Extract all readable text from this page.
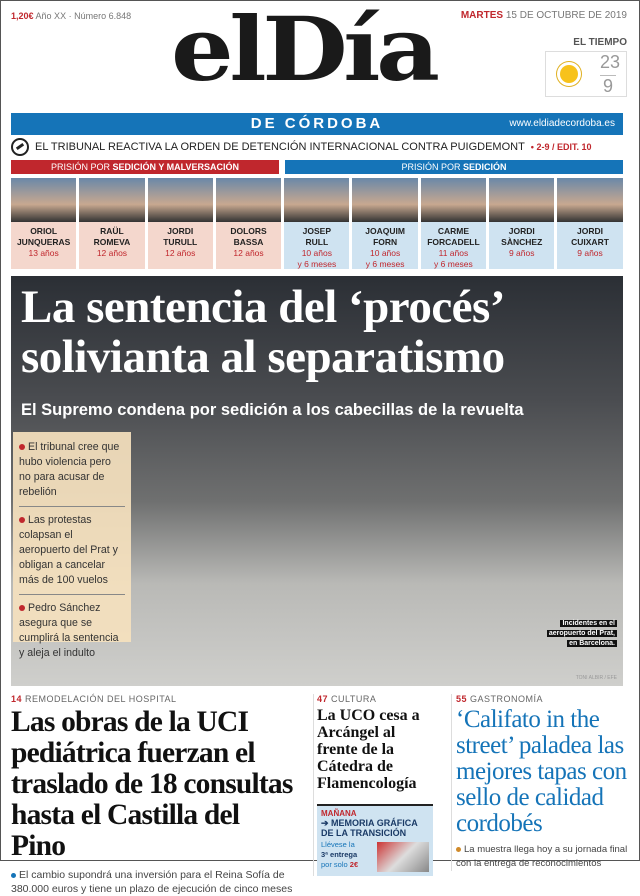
1,20€ Año XX · Número 6.848	MARTES 15 DE OCTUBRE DE 2019
elDía	EL TIEMPO
23
9
DE CÓRDOBA	www.eldiadecordoba.es
EL TRIBUNAL REACTIVA LA ORDEN DE DETENCIÓN INTERNACIONAL CONTRA PUIGDEMONT • 2-9 / EDIT. 10
PRISIÓN POR SEDICIÓN Y MALVERSACIÓN	PRISIÓN POR SEDICIÓN
ORIOL
JUNQUERAS
13 años
RAÜL
ROMEVA
12 años
JORDI
TURULL
12 años
DOLORS
BASSA
12 años
JOSEP
RULL
10 años
y 6 meses
JOAQUIM
FORN
10 años
y 6 meses
CARME
FORCADELL
11 años
y 6 meses
JORDI
SÀNCHEZ
9 años
JORDI
CUIXART
9 años
La sentencia del ‘procés’
solivianta al separatismo
El Supremo condena por sedición a los cabecillas de la revuelta

El tribunal cree que hubo violencia pero no para acusar de rebelión

Las protestas colapsan el aeropuerto del Prat y obligan a cancelar más de 100 vuelos

Pedro Sánchez asegura que se cumplirá la sentencia y aleja el indulto

Incidentes en el
aeropuerto del Prat,
en Barcelona.
TONI ALBIR / EFE
14 REMODELACIÓN DEL HOSPITAL
Las obras de la UCI pediátrica fuerzan el traslado de 18 consultas hasta el Castilla del Pino
El cambio supondrá una inversión para el Reina Sofía de 380.000 euros y tiene un plazo de ejecución de cinco meses
47 CULTURA
La UCO cesa a Arcángel al frente de la Cátedra de Flamencología
MAÑANA
➔ MEMORIA GRÁFICA DE LA TRANSICIÓN
Llévese la
3ª entrega
por solo 2€
55 GASTRONOMÍA
‘Califato in the street’ paladea las mejores tapas con sello de calidad cordobés
La muestra llega hoy a su jornada final con la entrega de reconocimientos
